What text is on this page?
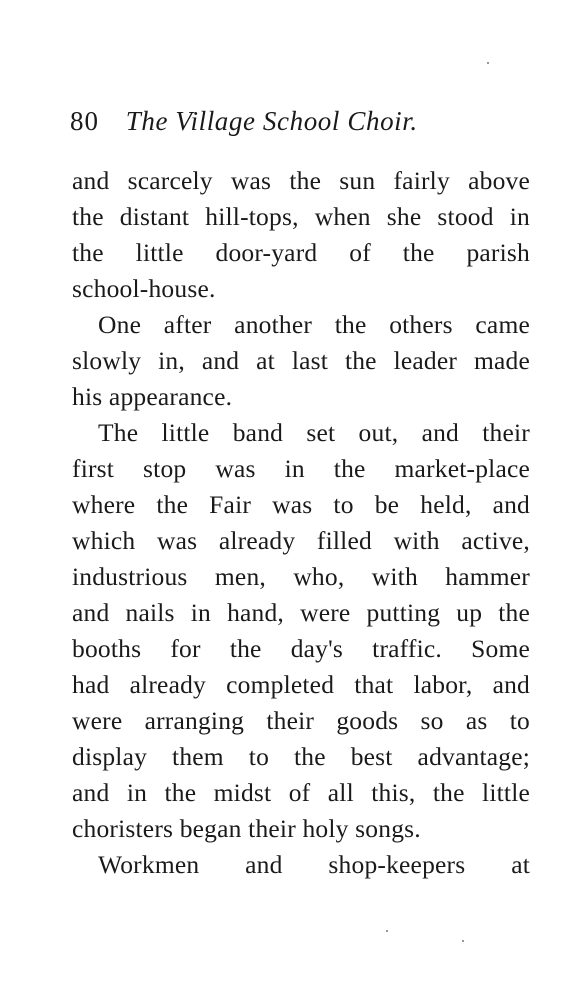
80 The Village School Choir.
and scarcely was the sun fairly above
the distant hill-tops, when she stood in
the little door-yard of the parish
school-house.
One after another the others came
slowly in, and at last the leader made
his appearance.
The little band set out, and their
first stop was in the market-place
where the Fair was to be held, and
which was already filled with active,
industrious men, who, with hammer
and nails in hand, were putting up the
booths for the day's traffic. Some
had already completed that labor, and
were arranging their goods so as to
display them to the best advantage;
and in the midst of all this, the little
choristers began their holy songs.
Workmen and shop-keepers at
